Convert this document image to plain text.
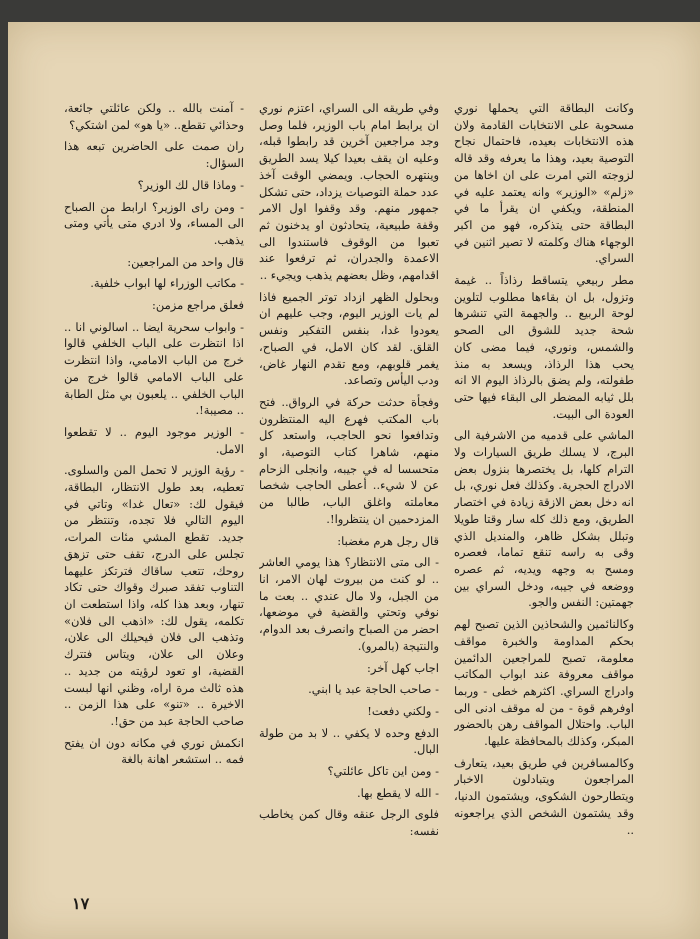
وكانت البطاقة التي يحملها نوري مسحوبة على الانتخابات القادمة ولان هذه الانتخابات بعيده، فاحتمال نجاح التوصية بعيد، وهذا ما يعرفه وقد قاله لزوجته التي امرت على ان اخاها من «زلم» «الوزير» وانه يعتمد عليه في المنطقة، ويكفي ان يقرأ ما في البطاقة حتى يتذكره، فهو من اكبر الوجهاء هناك وكلمته لا تصير اثنين في السراي.

مطر ربيعي يتساقط رذاذاً .. غيمة وتزول، بل ان بقاءها مطلوب لتلوين لوحة الربيع .. والجهمة التي تنشرها شحة جديد للشوق الى الصحو والشمس، ونوري، فيما مضى كان يحب هذا الرذاذ، ويسعد به منذ طفولته، ولم يضق بالرذاذ اليوم الا انه بلل ثيابه المضطر الى البقاء فيها حتى العودة الى البيت.

الماشي على قدميه من الاشرفية الى البرج، لا يسلك طريق السيارات ولا الترام كلها، بل يختصرها بنزول بعض الادراج الحجرية. وكذلك فعل نوري، بل انه دخل بعض الازقة زيادة في اختصار الطريق، ومع ذلك كله سار وقتا طويلا وتبلل بشكل ظاهر، والمنديل الذي وقى به راسه تنقع تماما، فعصره ومسح به وجهه ويديه، ثم عصره ووضعه في جيبه، ودخل السراي بين جهمتين: النفس والجو.

وكالنائمين والشحاذين الذين تصبح لهم بحكم المداومة والخبرة مواقف معلومة، تصبح للمراجعين الدائمين مواقف معروفة عند ابواب المكاتب وادراج السراي. اكثرهم خطى - وربما اوفرهم قوة - من له موقف ادنى الى الباب. واحتلال المواقف رهن بالحضور المبكر، وكذلك بالمحافظة عليها.

وكالمسافرين في طريق بعيد، يتعارف المراجعون ويتبادلون الاخبار ويتطارحون الشكوى، ويشتمون الدنيا، وقد يشتمون الشخص الذي يراجعونه ..

وفي طريقه الى السراي، اعتزم نوري ان يرابط امام باب الوزير، فلما وصل وجد مراجعين آخرين قد رابطوا قبله، وعليه ان يقف بعيدا كيلا يسد الطريق وينتهره الحجاب. ويمضي الوقت آخذ عدد حملة التوصيات يزداد، حتى تشكل جمهور منهم. وقد وقفوا اول الامر وقفة طبيعية، يتحادثون او يدخنون ثم تعبوا من الوقوف فاستندوا الى الاعمدة والجدران، ثم ترفعوا عند اقدامهم، وظل بعضهم يذهب ويجيء ..

وبحلول الظهر ازداد توتر الجميع فاذا لم يات الوزير اليوم، وجب عليهم ان يعودوا غدا، بنفس التفكير ونفس القلق. لقد كان الامل، في الصباح، يغمر قلوبهم، ومع تقدم النهار غاض، ودب اليأس وتصاعد.

وفجأة حدثت حركة في الرواق.. فتح باب المكتب فهرع اليه المنتظرون وتدافعوا نحو الحاجب، واستعد كل منهم، شاهرا كتاب التوصية، او متحسسا له في جيبه، وانجلى الزحام عن لا شيء.. أعطى الحاجب شخصا معاملته واغلق الباب، طالبا من المزدحمين ان ينتظروا!.

قال رجل هرم مغضبا:

- الى متى الانتظار؟ هذا يومي العاشر .. لو كنت من بيروت لهان الامر، انا من الجبل، ولا مال عندي .. بعت ما نوفي وتحتي والقضية في موضعها، احضر من الصباح وانصرف بعد الدوام، والنتيجة (بالمرو).

اجاب كهل آخر:

- صاحب الحاجة عبد يا ابني.

- ولكني دفعت!

الدفع وحده لا يكفي .. لا بد من طولة البال.

- ومن اين تاكل عائلتي؟

- الله لا يقطع بها.

فلوى الرجل عنقه وقال كمن يخاطب نفسه:

- آمنت بالله .. ولكن عائلتي جائعة، وحذائي تقطع.. «يا هو» لمن اشتكي؟

ران صمت على الحاضرين تبعه هذا السؤال:

- وماذا قال لك الوزير؟

- ومن راى الوزير؟ ارابط من الصباح الى المساء، ولا ادري متى يأتي ومتى يذهب.

قال واحد من المراجعين:

- مكاتب الوزراء لها ابواب خلفية.

فعلق مراجع مزمن:

- وابواب سحرية ايضا .. اسالوني انا .. اذا انتظرت على الباب الخلفي قالوا خرج من الباب الامامي، واذا انتظرت على الباب الامامي قالوا خرج من الباب الخلفي .. يلعبون بي مثل الطابة .. مصيبة!.

- الوزير موجود اليوم .. لا تقطعوا الامل.

- رؤية الوزير لا تحمل المن والسلوى. تعطيه، بعد طول الانتظار، البطاقة، فيقول لك: «تعال غدا» وتاتي في اليوم التالي فلا تجده، وتنتظر من جديد. تقطع المشي مئات المرات، تجلس على الدرج، تقف حتى تزهق روحك، تتعب ساقاك فترتكز عليهما التناوب تفقد صبرك وقواك حتى تكاد تنهار، وبعد هذا كله، واذا استطعت ان تكلمه، يقول لك: «اذهب الى فلان» وتذهب الى فلان فيحيلك الى علان، وعلان الى علان، ويتاس فتترك القضية، او تعود لرؤيته من جديد .. هذه ثالث مرة اراه، وظني انها لبست الاخيرة .. «تنو» على هذا الزمن .. صاحب الحاجة عبد من حق!.

انكمش نوري في مكانه دون ان يفتح فمه .. استشعر اهانة بالغة

١٧
